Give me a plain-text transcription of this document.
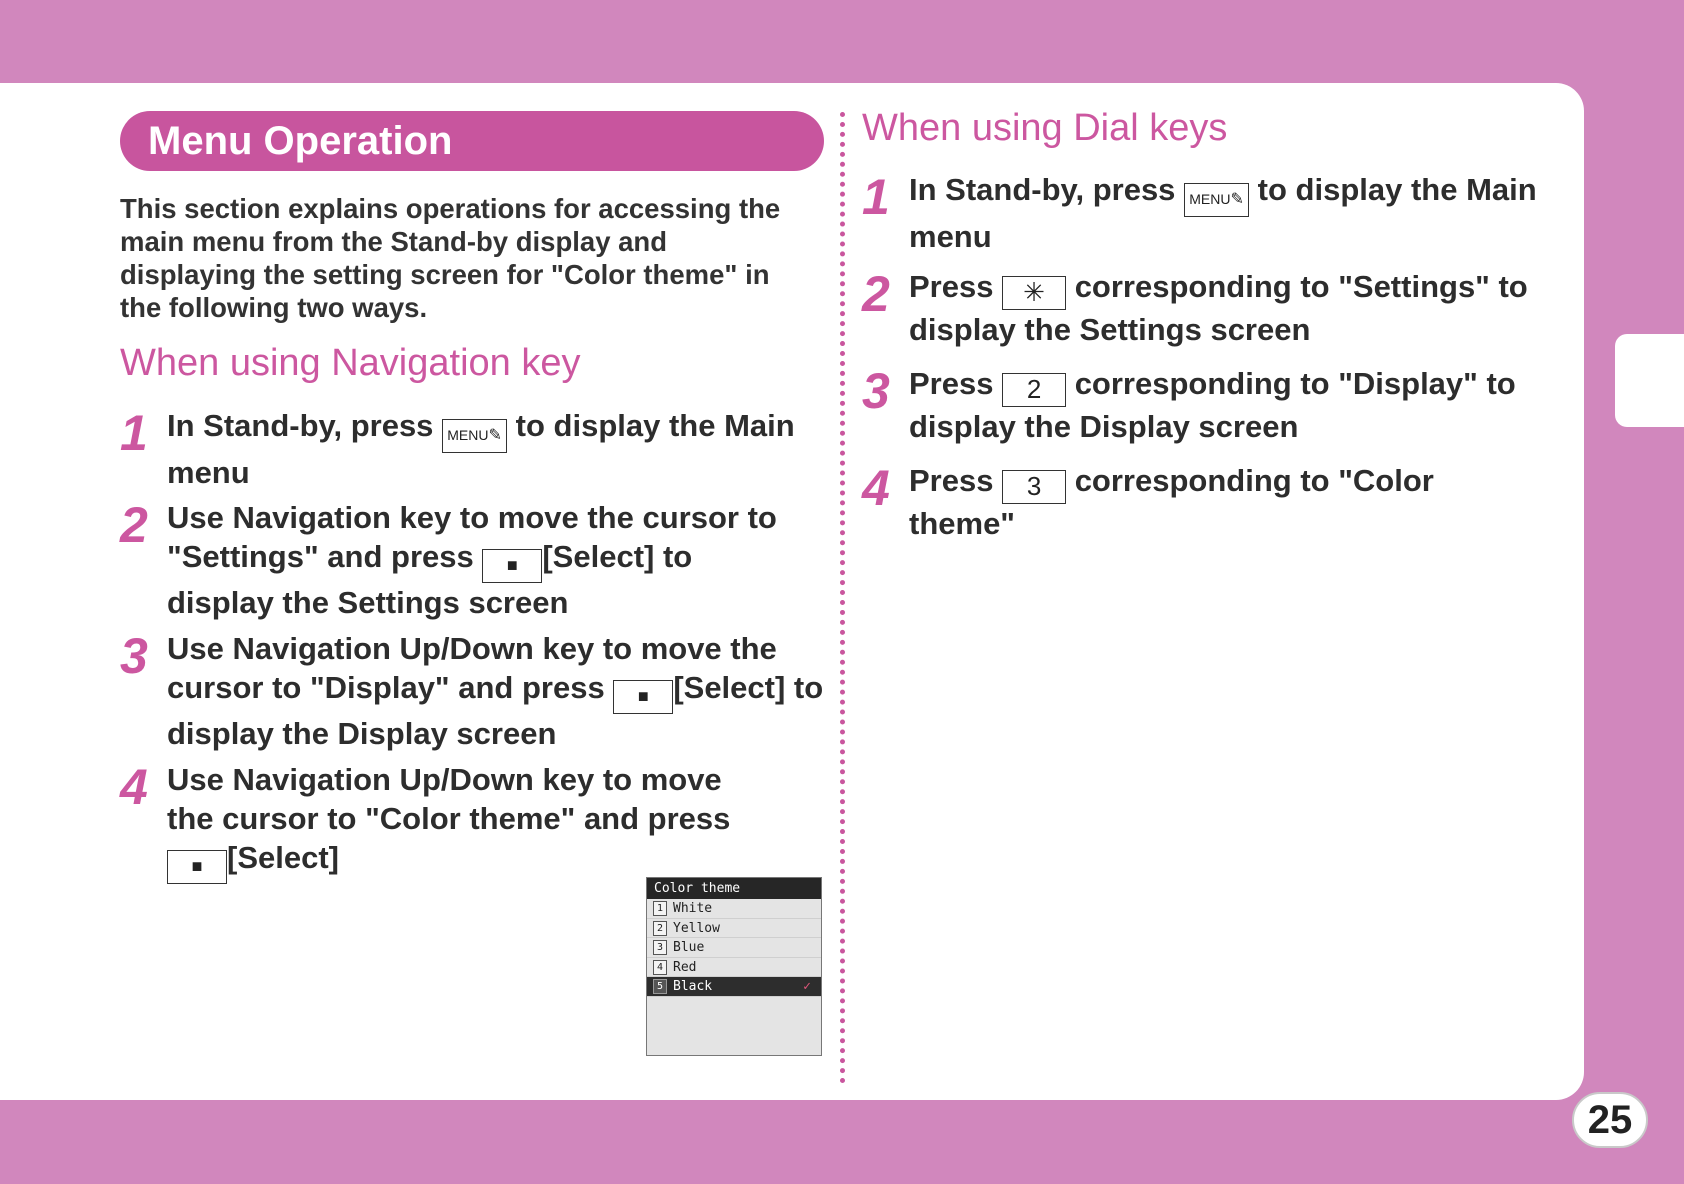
25
Menu Operation
This section explains operations for accessing the main menu from the Stand-by display and displaying the setting screen for "Color theme" in the following two ways.
When using Navigation key
1 In Stand-by, press MENU✎ to display the Main menu
2 Use Navigation key to move the cursor to "Settings" and press ■ [Select] to display the Settings screen
3 Use Navigation Up/Down key to move the cursor to "Display" and press ■ [Select] to display the Display screen
4 Use Navigation Up/Down key to move the cursor to "Color theme" and press ■ [Select]
Color theme
1 White
2 Yellow
3 Blue
4 Red
5 Black	✓
When using Dial keys
1 In Stand-by, press MENU✎ to display the Main menu
2 Press ✳ corresponding to "Settings" to display the Settings screen
3 Press 2 corresponding to "Display" to display the Display screen
4 Press 3 corresponding to "Color theme"
